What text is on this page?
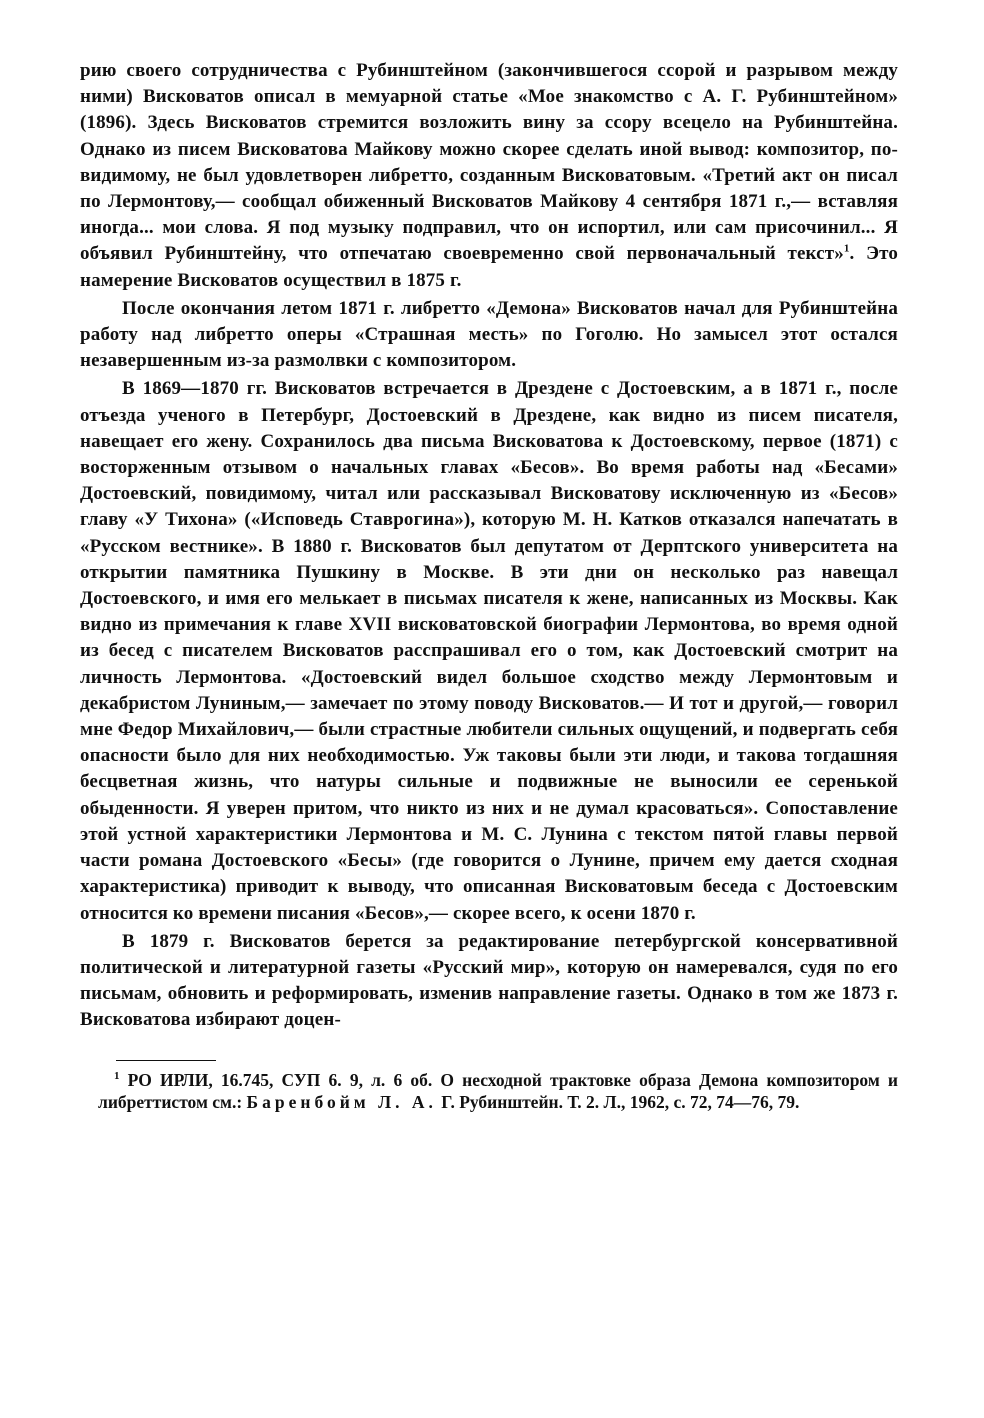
рию своего сотрудничества с Рубинштейном (закончившегося ссорой и разрывом между ними) Висковатов описал в мемуарной статье «Мое знакомство с А. Г. Рубинштейном» (1896). Здесь Висковатов стремится возложить вину за ссору всецело на Рубинштейна. Однако из писем Висковатова Майкову можно скорее сделать иной вывод: композитор, по-видимому, не был удовлетворен либретто, созданным Висковатовым. «Третий акт он писал по Лермонтову,— сообщал обиженный Висковатов Майкову 4 сентября 1871 г.,— вставляя иногда... мои слова. Я под музыку подправил, что он испортил, или сам присочинил... Я объявил Рубинштейну, что отпечатаю своевременно свой первоначальный текст»$^1$. Это намерение Висковатов осуществил в 1875 г.

После окончания летом 1871 г. либретто «Демона» Висковатов начал для Рубинштейна работу над либретто оперы «Страшная месть» по Гоголю. Но замысел этот остался незавершенным из-за размолвки с композитором.

В 1869—1870 гг. Висковатов встречается в Дрездене с Достоевским, а в 1871 г., после отъезда ученого в Петербург, Достоевский в Дрездене, как видно из писем писателя, навещает его жену. Сохранилось два письма Висковатова к Достоевскому, первое (1871) с восторженным отзывом о начальных главах «Бесов». Во время работы над «Бесами» Достоевский, повидимому, читал или рассказывал Висковатову исключенную из «Бесов» главу «У Тихона» («Исповедь Ставрогина»), которую М. Н. Катков отказался напечатать в «Русском вестнике». В 1880 г. Висковатов был депутатом от Дерптского университета на открытии памятника Пушкину в Москве. В эти дни он несколько раз навещал Достоевского, и имя его мелькает в письмах писателя к жене, написанных из Москвы. Как видно из примечания к главе XVII висковатовской биографии Лермонтова, во время одной из бесед с писателем Висковатов расспрашивал его о том, как Достоевский смотрит на личность Лермонтова. «Достоевский видел большое сходство между Лермонтовым и декабристом Луниным,— замечает по этому поводу Висковатов.— И тот и другой,— говорил мне Федор Михайлович,— были страстные любители сильных ощущений, и подвергать себя опасности было для них необходимостью. Уж таковы были эти люди, и такова тогдашняя бесцветная жизнь, что натуры сильные и подвижные не выносили ее серенькой обыденности. Я уверен притом, что никто из них и не думал красоваться». Сопоставление этой устной характеристики Лермонтова и М. С. Лунина с текстом пятой главы первой части романа Достоевского «Бесы» (где говорится о Лунине, причем ему дается сходная характеристика) приводит к выводу, что описанная Висковатовым беседа с Достоевским относится ко времени писания «Бесов»,— скорее всего, к осени 1870 г.

В 1879 г. Висковатов берется за редактирование петербургской консервативной политической и литературной газеты «Русский мир», которую он намеревался, судя по его письмам, обновить и реформировать, изменив направление газеты. Однако в том же 1873 г. Висковатова избирают доцен-

$^1$ РО ИРЛИ, 16.745, СУП 6. 9, л. 6 об. О несходной трактовке образа Демона композитором и либреттистом см.: Баренбойм Л. А. Г. Рубинштейн. Т. 2. Л., 1962, с. 72, 74—76, 79.
